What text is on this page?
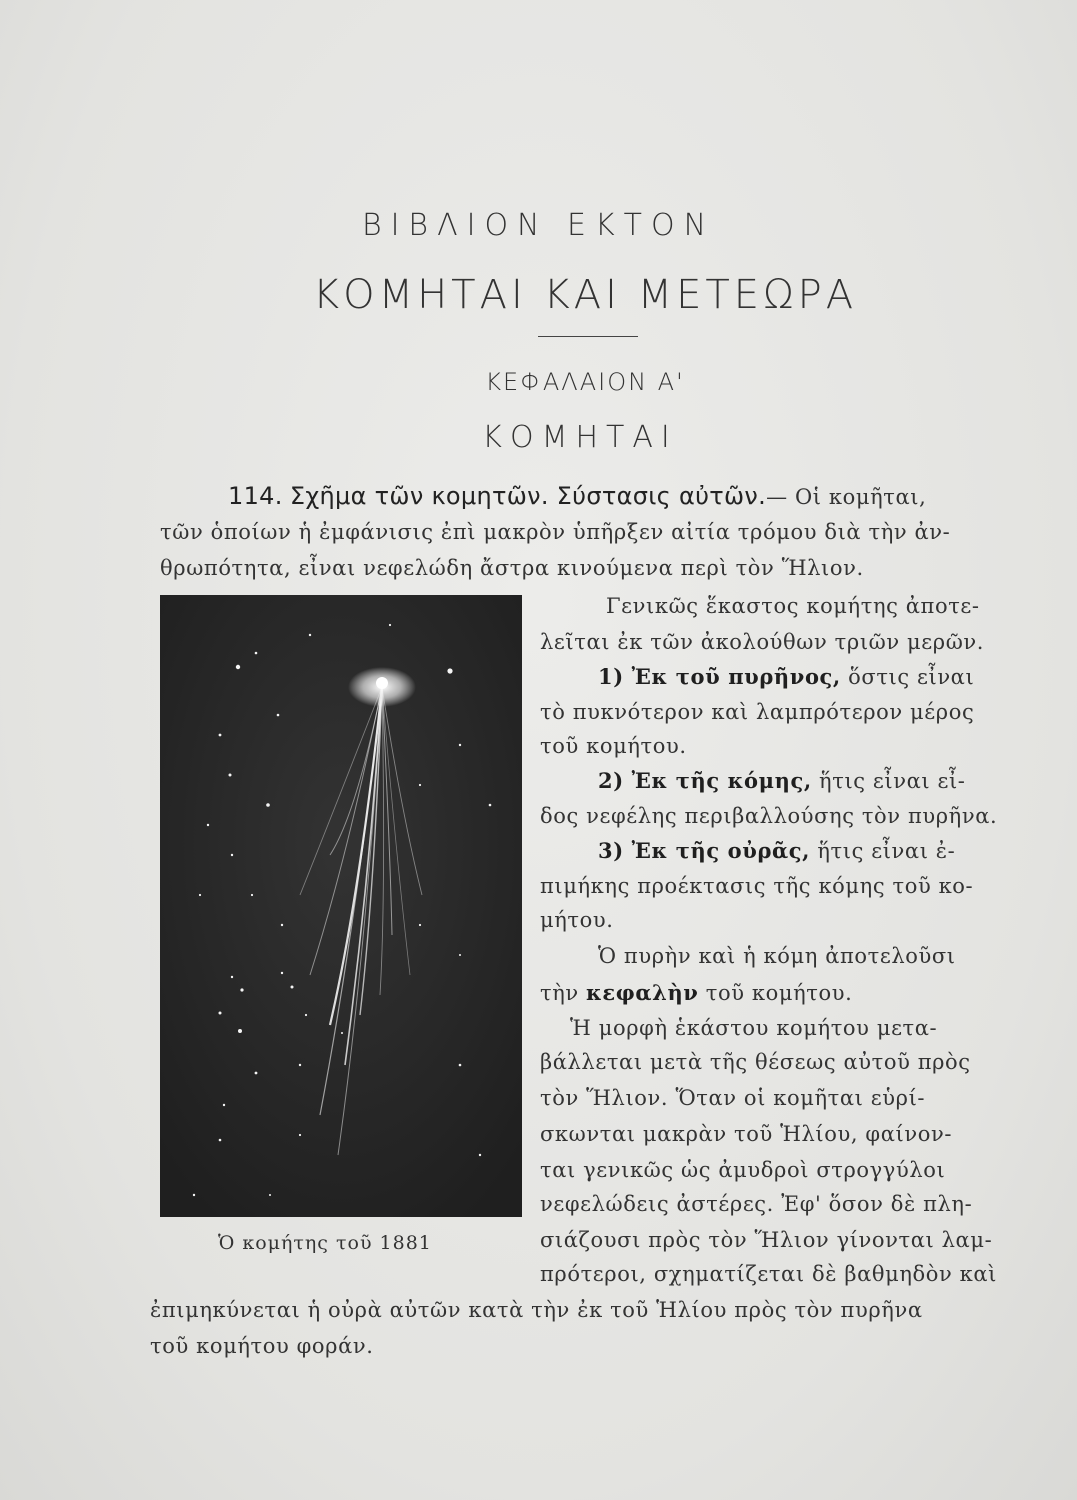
ΒΙΒΛΙΟΝ ΕΚΤΟΝ
ΚΟΜΗΤΑΙ ΚΑΙ ΜΕΤΕΩΡΑ
ΚΕΦΑΛΑΙΟΝ Α'
ΚΟΜΗΤΑΙ
114. Σχῆμα τῶν κομητῶν. Σύστασις αὐτῶν.— Οἱ κομῆται,
τῶν ὁποίων ἡ ἐμφάνισις ἐπὶ μακρὸν ὑπῆρξεν αἰτία τρόμου διὰ τὴν ἀν-
θρωπότητα, εἶναι νεφελώδη ἄστρα κινούμενα περὶ τὸν Ἥλιον.
Ὁ κομήτης τοῦ 1881
Γενικῶς ἕκαστος κομήτης ἀποτε-
λεῖται ἐκ τῶν ἀκολούθων τριῶν μερῶν.
1) Ἐκ τοῦ πυρῆνος, ὅστις εἶναι
τὸ πυκνότερον καὶ λαμπρότερον μέρος
τοῦ κομήτου.
2) Ἐκ τῆς κόμης, ἥτις εἶναι εἶ-
δος νεφέλης περιβαλλούσης τὸν πυρῆνα.
3) Ἐκ τῆς οὐρᾶς, ἥτις εἶναι ἐ-
πιμήκης προέκτασις τῆς κόμης τοῦ κο-
μήτου.
Ὁ πυρὴν καὶ ἡ κόμη ἀποτελοῦσι
τὴν κεφαλὴν τοῦ κομήτου.
Ἡ μορφὴ ἑκάστου κομήτου μετα-
βάλλεται μετὰ τῆς θέσεως αὐτοῦ πρὸς
τὸν Ἥλιον. Ὅταν οἱ κομῆται εὑρί-
σκωνται μακρὰν τοῦ Ἡλίου, φαίνον-
ται γενικῶς ὡς ἀμυδροὶ στρογγύλοι
νεφελώδεις ἀστέρες. Ἐφ' ὅσον δὲ πλη-
σιάζουσι πρὸς τὸν Ἥλιον γίνονται λαμ-
πρότεροι, σχηματίζεται δὲ βαθμηδὸν καὶ
ἐπιμηκύνεται ἡ οὐρὰ αὐτῶν κατὰ τὴν ἐκ τοῦ Ἡλίου πρὸς τὸν πυρῆνα
τοῦ κομήτου φοράν.
